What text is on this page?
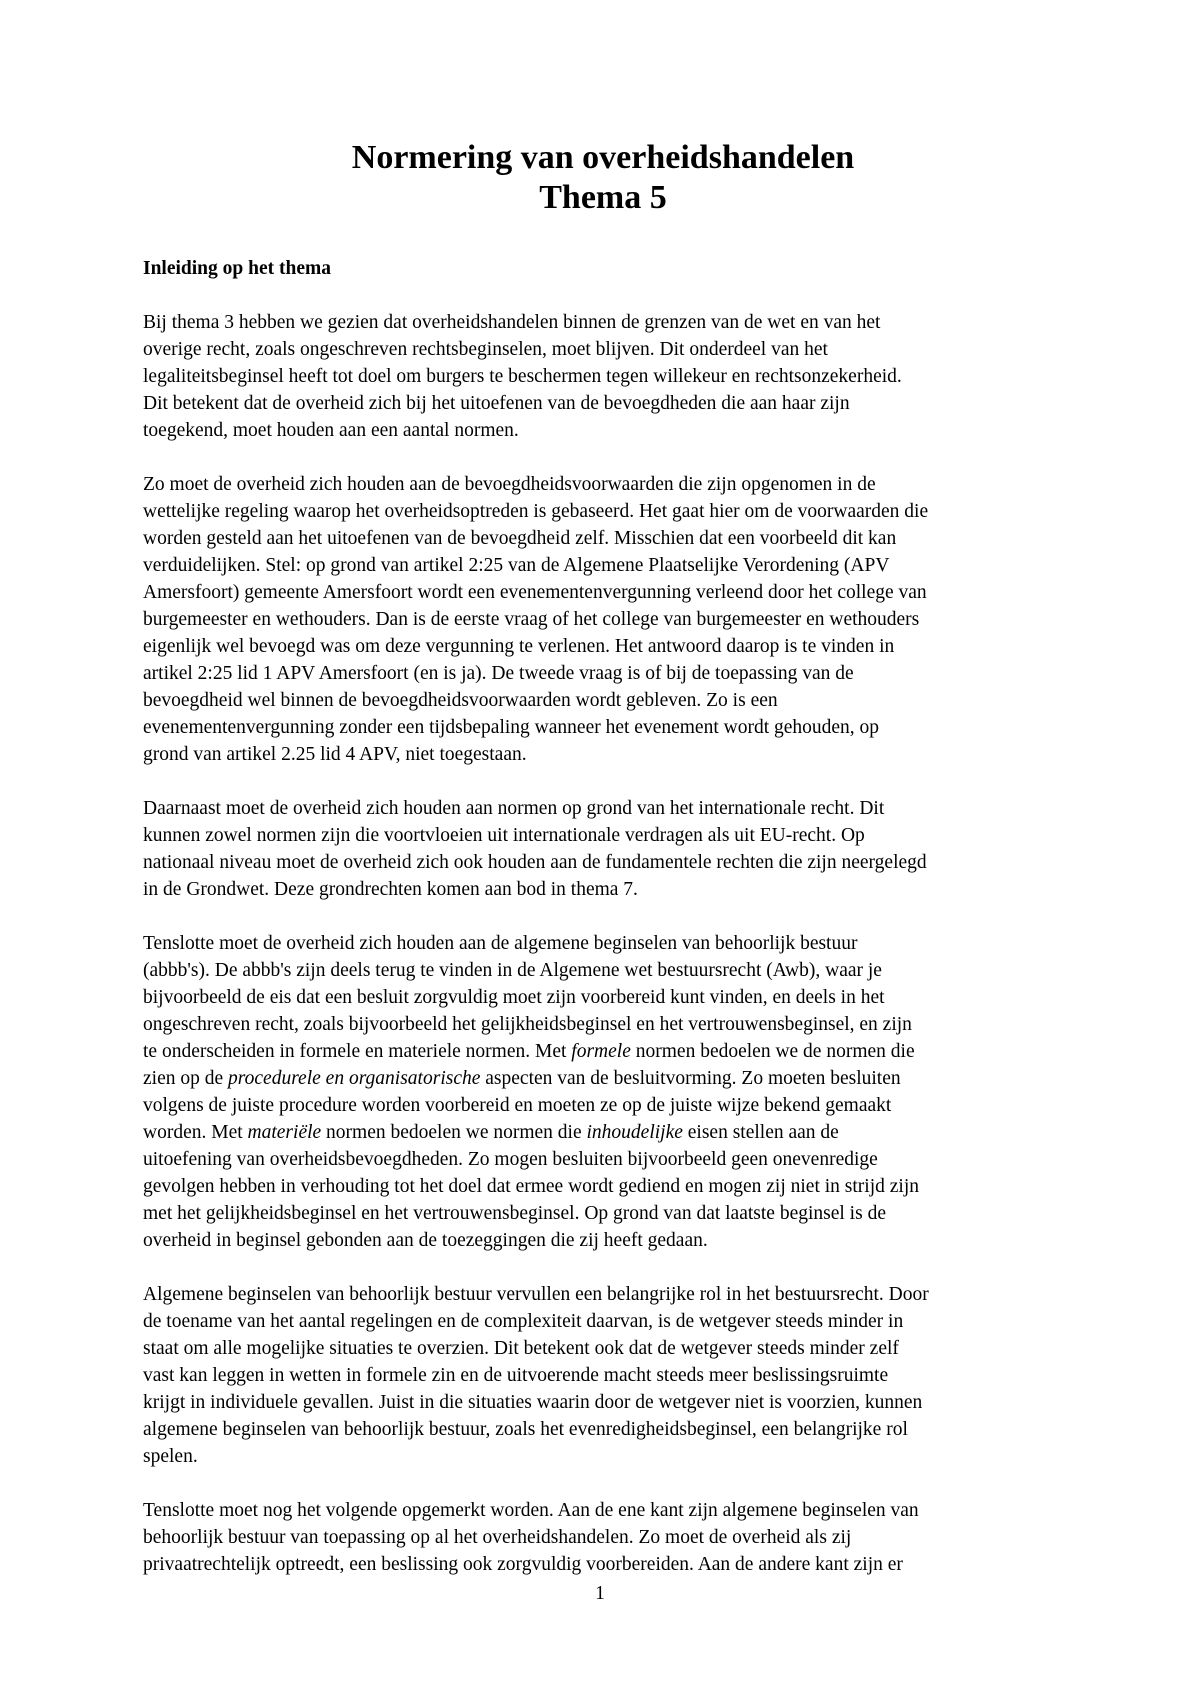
Normering van overheidshandelen
Thema 5
Inleiding op het thema
Bij thema 3 hebben we gezien dat overheidshandelen binnen de grenzen van de wet en van het
overige recht, zoals ongeschreven rechtsbeginselen, moet blijven. Dit onderdeel van het
legaliteitsbeginsel heeft tot doel om burgers te beschermen tegen willekeur en rechtsonzekerheid.
Dit betekent dat de overheid zich bij het uitoefenen van de bevoegdheden die aan haar zijn
toegekend, moet houden aan een aantal normen.
Zo moet de overheid zich houden aan de bevoegdheidsvoorwaarden die zijn opgenomen in de
wettelijke regeling waarop het overheidsoptreden is gebaseerd. Het gaat hier om de voorwaarden die
worden gesteld aan het uitoefenen van de bevoegdheid zelf. Misschien dat een voorbeeld dit kan
verduidelijken. Stel: op grond van artikel 2:25 van de Algemene Plaatselijke Verordening (APV
Amersfoort) gemeente Amersfoort wordt een evenementenvergunning verleend door het college van
burgemeester en wethouders. Dan is de eerste vraag of het college van burgemeester en wethouders
eigenlijk wel bevoegd was om deze vergunning te verlenen. Het antwoord daarop is te vinden in
artikel 2:25 lid 1 APV Amersfoort (en is ja). De tweede vraag is of bij de toepassing van de
bevoegdheid wel binnen de bevoegdheidsvoorwaarden wordt gebleven. Zo is een
evenementenvergunning zonder een tijdsbepaling wanneer het evenement wordt gehouden, op
grond van artikel 2.25 lid 4 APV, niet toegestaan.
Daarnaast moet de overheid zich houden aan normen op grond van het internationale recht. Dit
kunnen zowel normen zijn die voortvloeien uit internationale verdragen als uit EU-recht. Op
nationaal niveau moet de overheid zich ook houden aan de fundamentele rechten die zijn neergelegd
in de Grondwet. Deze grondrechten komen aan bod in thema 7.
Tenslotte moet de overheid zich houden aan de algemene beginselen van behoorlijk bestuur
(abbb's). De abbb's zijn deels terug te vinden in de Algemene wet bestuursrecht (Awb), waar je
bijvoorbeeld de eis dat een besluit zorgvuldig moet zijn voorbereid kunt vinden, en deels in het
ongeschreven recht, zoals bijvoorbeeld het gelijkheidsbeginsel en het vertrouwensbeginsel, en zijn
te onderscheiden in formele en materiele normen. Met formele normen bedoelen we de normen die
zien op de procedurele en organisatorische aspecten van de besluitvorming. Zo moeten besluiten
volgens de juiste procedure worden voorbereid en moeten ze op de juiste wijze bekend gemaakt
worden. Met materiële normen bedoelen we normen die inhoudelijke eisen stellen aan de
uitoefening van overheidsbevoegdheden. Zo mogen besluiten bijvoorbeeld geen onevenredige
gevolgen hebben in verhouding tot het doel dat ermee wordt gediend en mogen zij niet in strijd zijn
met het gelijkheidsbeginsel en het vertrouwensbeginsel. Op grond van dat laatste beginsel is de
overheid in beginsel gebonden aan de toezeggingen die zij heeft gedaan.
Algemene beginselen van behoorlijk bestuur vervullen een belangrijke rol in het bestuursrecht. Door
de toename van het aantal regelingen en de complexiteit daarvan, is de wetgever steeds minder in
staat om alle mogelijke situaties te overzien. Dit betekent ook dat de wetgever steeds minder zelf
vast kan leggen in wetten in formele zin en de uitvoerende macht steeds meer beslissingsruimte
krijgt in individuele gevallen. Juist in die situaties waarin door de wetgever niet is voorzien, kunnen
algemene beginselen van behoorlijk bestuur, zoals het evenredigheidsbeginsel, een belangrijke rol
spelen.
Tenslotte moet nog het volgende opgemerkt worden. Aan de ene kant zijn algemene beginselen van
behoorlijk bestuur van toepassing op al het overheidshandelen. Zo moet de overheid als zij
privaatrechtelijk optreedt, een beslissing ook zorgvuldig voorbereiden. Aan de andere kant zijn er
1
